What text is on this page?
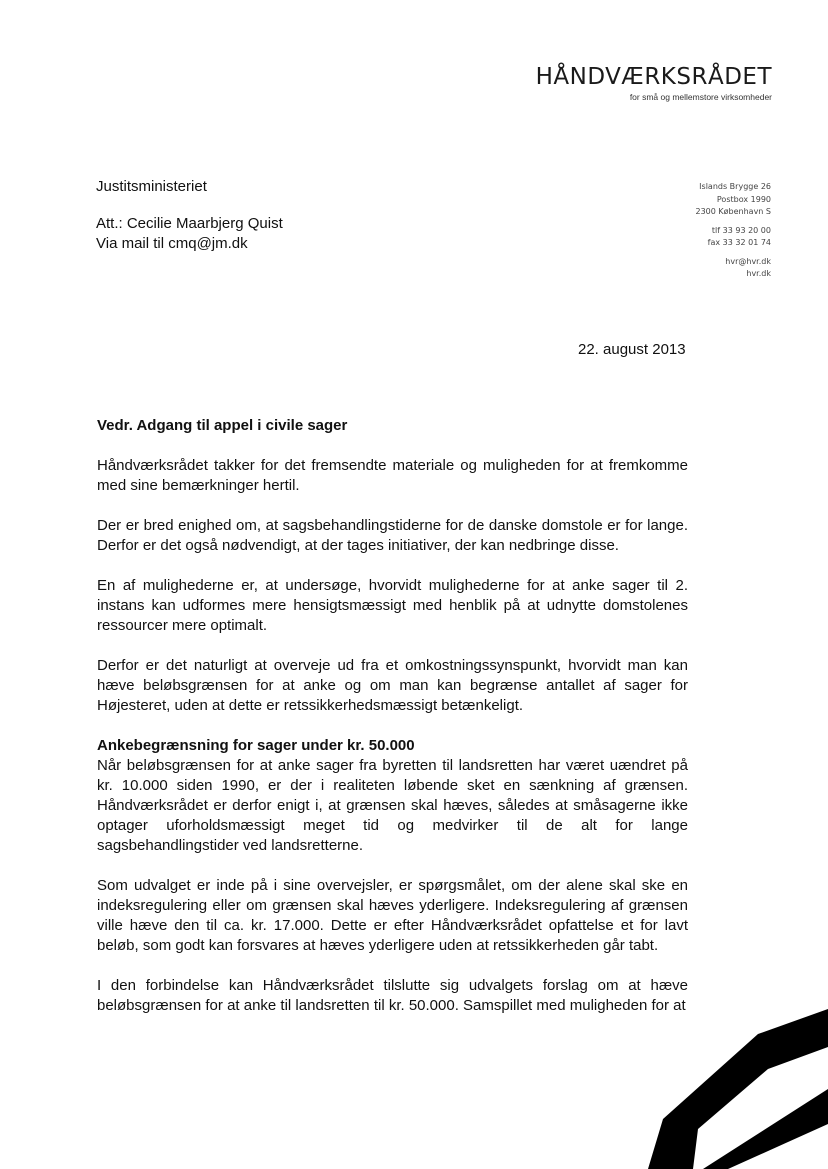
HÅNDVÆRKSRÅDET
for små og mellemstore virksomheder
Islands Brygge 26
Postbox 1990
2300 København S
tlf 33 93 20 00
fax 33 32 01 74
hvr@hvr.dk
hvr.dk
Justitsministeriet
Att.: Cecilie Maarbjerg Quist
Via mail til cmq@jm.dk
22. august 2013

Vedr. Adgang til appel i civile sager

Håndværksrådet takker for det fremsendte materiale og muligheden for at fremkomme med sine bemærkninger hertil.

Der er bred enighed om, at sagsbehandlingstiderne for de danske domstole er for lange. Derfor er det også nødvendigt, at der tages initiativer, der kan nedbringe disse.

En af mulighederne er, at undersøge, hvorvidt mulighederne for at anke sager til 2. instans kan udformes mere hensigtsmæssigt med henblik på at udnytte domstolenes ressourcer mere optimalt.

Derfor er det naturligt at overveje ud fra et omkostningssynspunkt, hvorvidt man kan hæve beløbsgrænsen for at anke og om man kan begrænse antallet af sager for Højesteret, uden at dette er retssikkerhedsmæssigt betænkeligt.

Ankebegrænsning for sager under kr. 50.000

Når beløbsgrænsen for at anke sager fra byretten til landsretten har været uændret på kr. 10.000 siden 1990, er der i realiteten løbende sket en sænkning af grænsen. Håndværksrådet er derfor enigt i, at grænsen skal hæves, således at småsagerne ikke optager uforholdsmæssigt meget tid og medvirker til de alt for lange sagsbehandlingstider ved landsretterne.

Som udvalget er inde på i sine overvejsler, er spørgsmålet, om der alene skal ske en indeksregulering eller om grænsen skal hæves yderligere. Indeksregulering af grænsen ville hæve den til ca. kr. 17.000. Dette er efter Håndværksrådet opfattelse et for lavt beløb, som godt kan forsvares at hæves yderligere uden at retssikkerheden går tabt.

I den forbindelse kan Håndværksrådet tilslutte sig udvalgets forslag om at hæve beløbsgrænsen for at anke til landsretten til kr. 50.000. Samspillet med muligheden for at
